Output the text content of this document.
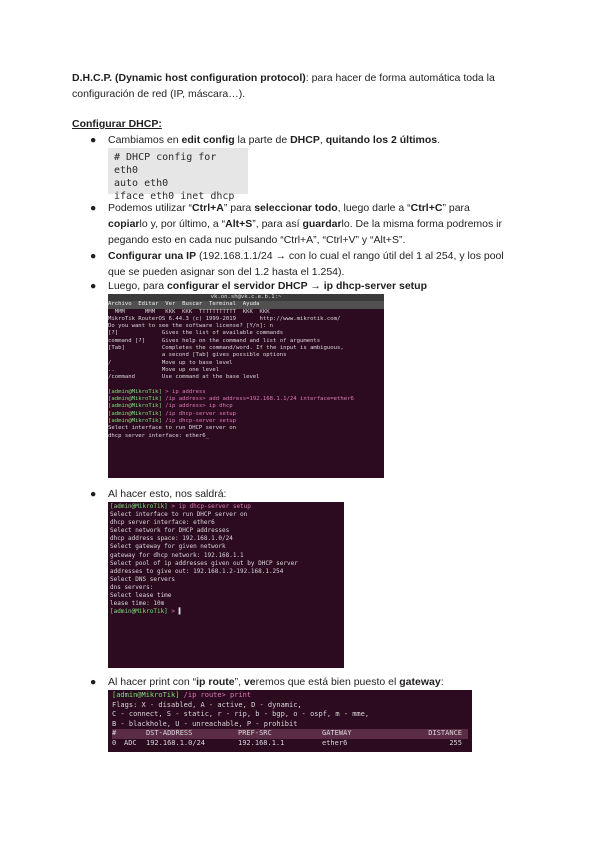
D.H.C.P. (Dynamic host configuration protocol): para hacer de forma automática toda la
configuración de red (IP, máscara…).
Configurar DHCP:
● Cambiamos en edit config la parte de DHCP, quitando los 2 últimos.
# DHCP config for eth0
auto eth0
iface eth0 inet dhcp
● Podemos utilizar “Ctrl+A” para seleccionar todo, luego darle a “Ctrl+C” para
copiarlo y, por último, a “Alt+S”, para así guardarlo. De la misma forma podremos ir
pegando esto en cada nuc pulsando “Ctrl+A”, “Ctrl+V” y “Alt+S”.
● Configurar una IP (192.168.1.1/24 → con lo cual el rango útil del 1 al 254, y los pool
que se pueden asignar son del 1.2 hasta el 1.254).
● Luego, para configurar el servidor DHCP → ip dhcp-server setup
vk.on.sh@vk.c.e.b.1:~
Archivo  Editar  Ver  Buscar  Terminal  Ayuda
MMM      MMM   KKK  KKK  TTTTTTTTTTT  KKK  KKK
MikroTik RouterOS 6.44.3 (c) 1999-2019       http://www.mikrotik.com/
Do you want to see the software license? [Y/n]: n
[?]             Gives the list of available commands
command [?]     Gives help on the command and list of arguments
[Tab]           Completes the command/word. If the input is ambiguous,
a second [Tab] gives possible options
/               Move up to base level
..              Move up one level
/command        Use command at the base level

[admin@MikroTik] > ip address
[admin@MikroTik] /ip address> add address=192.168.1.1/24 interface=ether6
[admin@MikroTik] /ip address> ip dhcp
[admin@MikroTik] /ip dhcp-server setup
[admin@MikroTik] /ip dhcp-server setup
Select interface to run DHCP server on
dhcp server interface: ether6_
● Al hacer esto, nos saldrá:
[admin@MikroTik] > ip dhcp-server setup
Select interface to run DHCP server on
dhcp server interface: ether6
Select network for DHCP addresses
dhcp address space: 192.168.1.0/24
Select gateway for given network
gateway for dhcp network: 192.168.1.1
Select pool of ip addresses given out by DHCP server
addresses to give out: 192.168.1.2-192.168.1.254
Select DNS servers
dns servers:
Select lease time
lease time: 10m
[admin@MikroTik] > ▌
● Al hacer print con “ip route”, veremos que está bien puesto el gateway:
[admin@MikroTik] /ip route> print
Flags: X - disabled, A - active, D - dynamic,
C - connect, S - static, r - rip, b - bgp, o - ospf, m - mme,
B - blackhole, U - unreachable, P - prohibit
#	DST-ADDRESS	PREF-SRC	GATEWAY	DISTANCE
0 ADC 192.168.1.0/24	192.168.1.1	ether6	255
